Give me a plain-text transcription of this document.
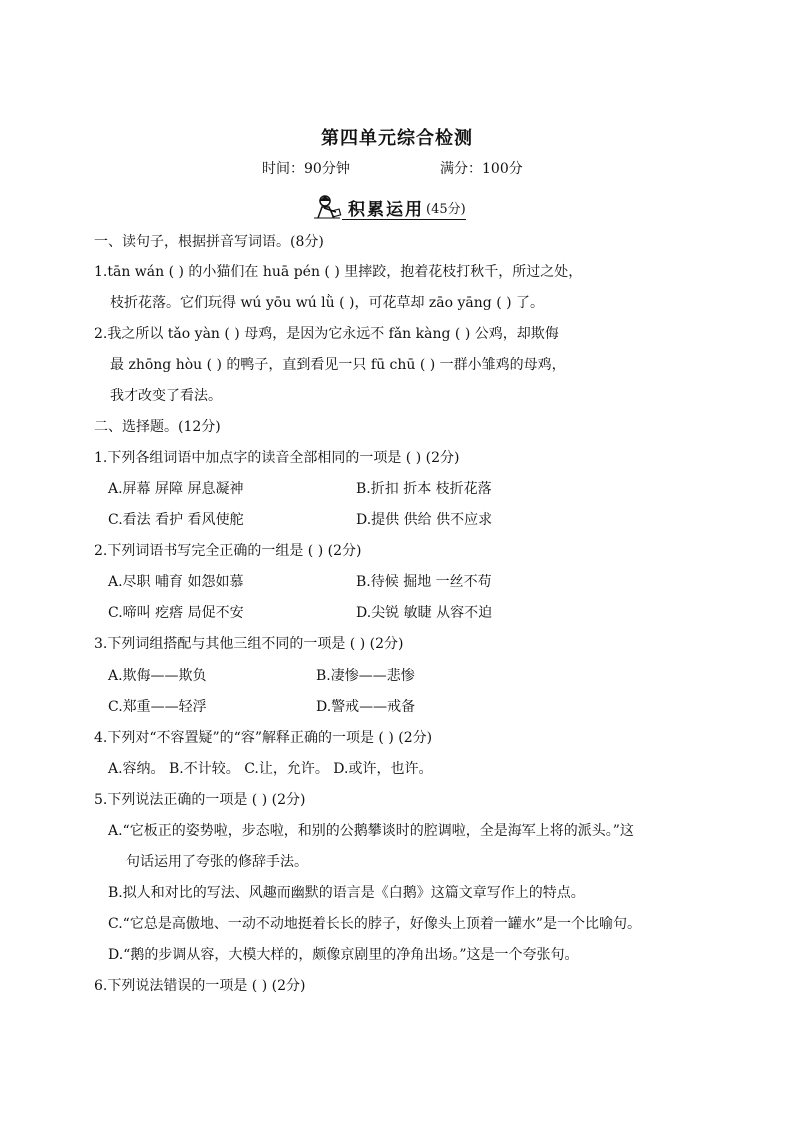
第四单元综合检测
时间：90分钟	满分：100分
积累运用 (45分)
一、读句子，根据拼音写词语。(8分)
1.tān wán ( ) 的小猫们在 huā pén ( ) 里摔跤，抱着花枝打秋千，所过之处，
枝折花落。它们玩得 wú yōu wú lǜ ( )，可花草却 zāo yāng ( ) 了。
2.我之所以 tǎo yàn ( ) 母鸡，是因为它永远不 fǎn kàng ( ) 公鸡，却欺侮
最 zhōng hòu ( ) 的鸭子，直到看见一只 fū chū ( ) 一群小雏鸡的母鸡，
我才改变了看法。
二、选择题。(12分)
1.下列各组词语中加点字的读音全部相同的一项是 ( ) (2分)
A.屏幕 屏障 屏息凝神	B.折扣 折本 枝折花落
C.看法 看护 看风使舵	D.提供 供给 供不应求
2.下列词语书写完全正确的一组是 ( ) (2分)
A.尽职 哺育 如怨如慕	B.待候 掘地 一丝不苟
C.啼叫 疙瘩 局促不安	D.尖锐 敏睫 从容不迫
3.下列词组搭配与其他三组不同的一项是 ( ) (2分)
A.欺侮——欺负	B.凄惨——悲惨
C.郑重——轻浮	D.警戒——戒备
4.下列对“不容置疑”的“容”解释正确的一项是 ( ) (2分)
A.容纳。 B.不计较。 C.让，允许。 D.或许，也许。
5.下列说法正确的一项是 ( ) (2分)
A.“它板正的姿势啦，步态啦，和别的公鹅攀谈时的腔调啦，全是海军上将的派头。”这
句话运用了夸张的修辞手法。
B.拟人和对比的写法、风趣而幽默的语言是《白鹅》这篇文章写作上的特点。
C.“它总是高傲地、一动不动地挺着长长的脖子，好像头上顶着一罐水”是一个比喻句。
D.“鹅的步调从容，大模大样的，颇像京剧里的净角出场。”这是一个夸张句。
6.下列说法错误的一项是 ( ) (2分)
